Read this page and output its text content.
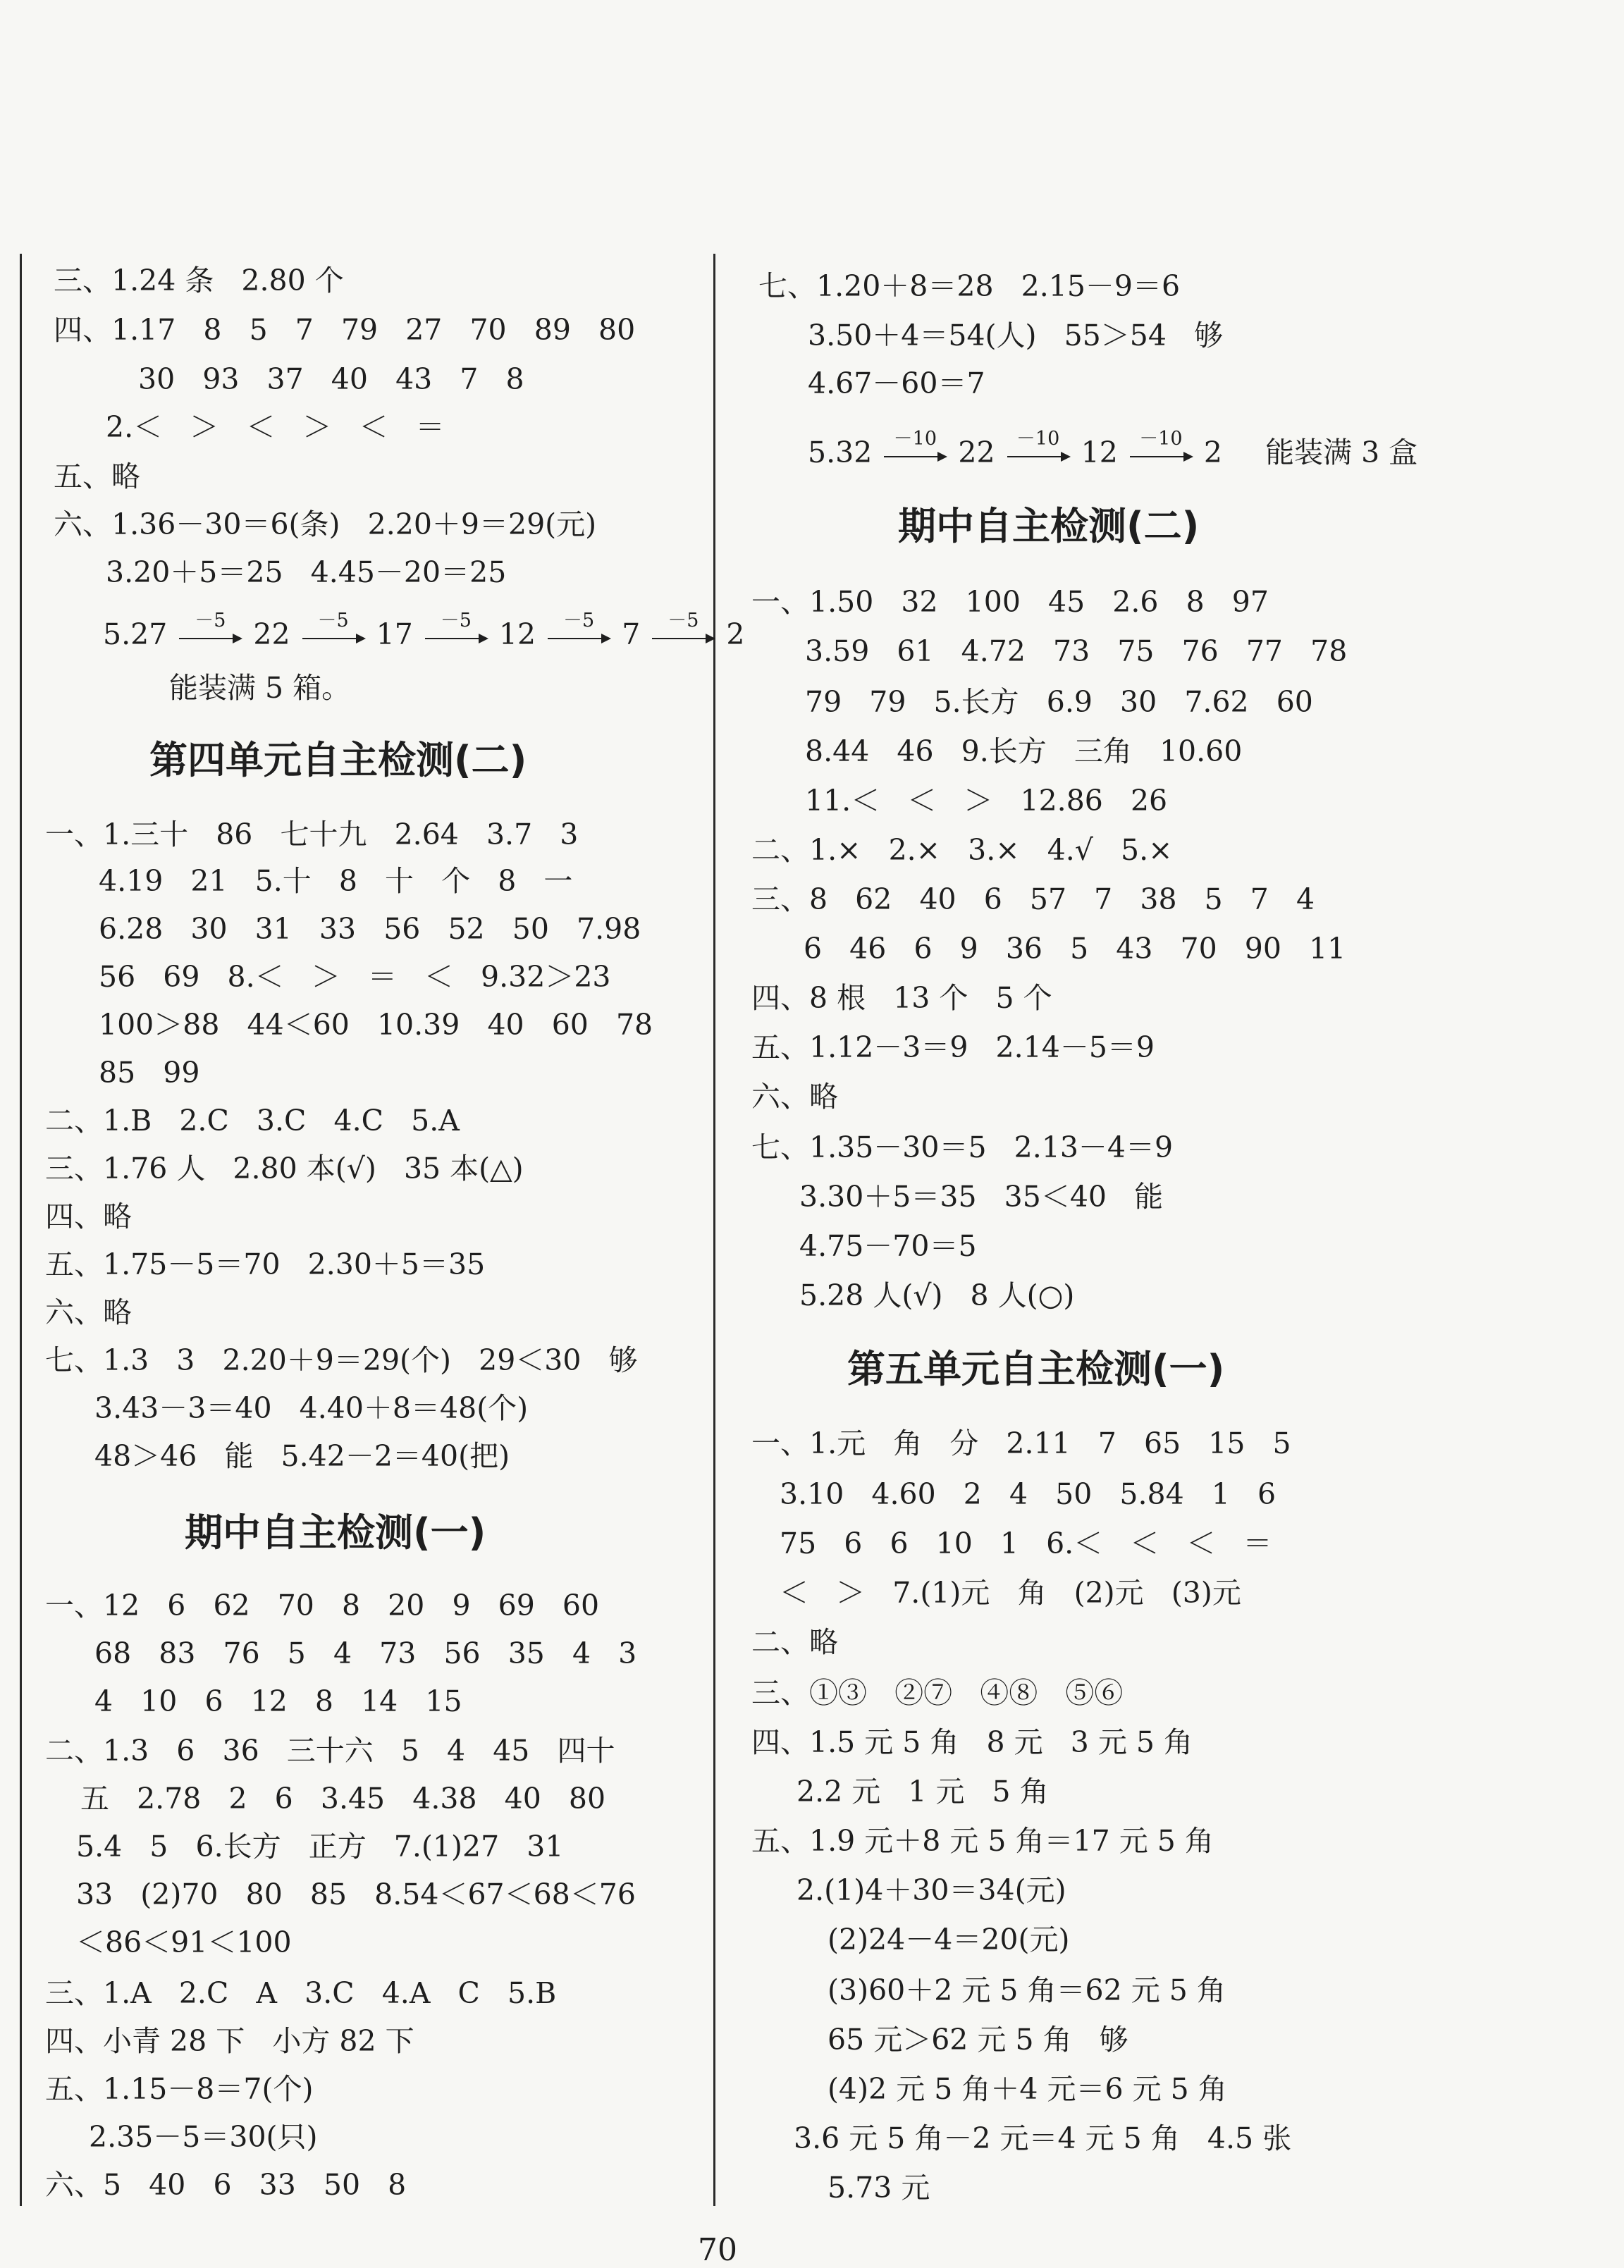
三、1.24 条   2.80 个
四、1.17   8   5   7   79   27   70   89   80
30   93   37   40   43   7   8
2.＜   ＞   ＜   ＞   ＜   ＝
五、略
六、1.36－30＝6(条)   2.20＋9＝29(元)
3.20＋5＝25   4.45－20＝25
5.27	－5 22	－5 17	－5 12	－5 7	－5 2
能装满 5 箱。
第四单元自主检测(二)
一、1.三十   86   七十九   2.64   3.7   3
4.19   21   5.十   8   十   个   8   一
6.28   30   31   33   56   52   50   7.98
56   69   8.＜   ＞   ＝   ＜   9.32＞23
100＞88   44＜60   10.39   40   60   78
85   99
二、1.B   2.C   3.C   4.C   5.A
三、1.76 人   2.80 本(√)   35 本(△)
四、略
五、1.75－5＝70   2.30＋5＝35
六、略
七、1.3   3   2.20＋9＝29(个)   29＜30   够
3.43－3＝40   4.40＋8＝48(个)
48＞46   能   5.42－2＝40(把)
期中自主检测(一)
一、12   6   62   70   8   20   9   69   60
68   83   76   5   4   73   56   35   4   3
4   10   6   12   8   14   15
二、1.3   6   36   三十六   5   4   45   四十
五   2.78   2   6   3.45   4.38   40   80
5.4   5   6.长方   正方   7.(1)27   31
33   (2)70   80   85   8.54＜67＜68＜76
＜86＜91＜100
三、1.A   2.C   A   3.C   4.A   C   5.B
四、小青 28 下   小方 82 下
五、1.15－8＝7(个)
2.35－5＝30(只)
六、5   40   6   33   50   8
七、1.20＋8＝28   2.15－9＝6
3.50＋4＝54(人)   55＞54   够
4.67－60＝7
5.32	－10 22	－10 12	－10 2 能装满 3 盒
期中自主检测(二)
一、1.50   32   100   45   2.6   8   97
3.59   61   4.72   73   75   76   77   78
79   79   5.长方   6.9   30   7.62   60
8.44   46   9.长方   三角   10.60
11.＜   ＜   ＞   12.86   26
二、1.×   2.×   3.×   4.√   5.×
三、8   62   40   6   57   7   38   5   7   4
6   46   6   9   36   5   43   70   90   11
四、8 根   13 个   5 个
五、1.12－3＝9   2.14－5＝9
六、略
七、1.35－30＝5   2.13－4＝9
3.30＋5＝35   35＜40   能
4.75－70＝5
5.28 人(√)   8 人(○)
第五单元自主检测(一)
一、1.元   角   分   2.11   7   65   15   5
3.10   4.60   2   4   50   5.84   1   6
75   6   6   10   1   6.＜   ＜   ＜   ＝
＜   ＞   7.(1)元   角   (2)元   (3)元
二、略
三、①③   ②⑦   ④⑧   ⑤⑥
四、1.5 元 5 角   8 元   3 元 5 角
2.2 元   1 元   5 角
五、1.9 元＋8 元 5 角＝17 元 5 角
2.(1)4＋30＝34(元)
(2)24－4＝20(元)
(3)60＋2 元 5 角＝62 元 5 角
65 元＞62 元 5 角   够
(4)2 元 5 角＋4 元＝6 元 5 角
3.6 元 5 角－2 元＝4 元 5 角   4.5 张
5.73 元
70
